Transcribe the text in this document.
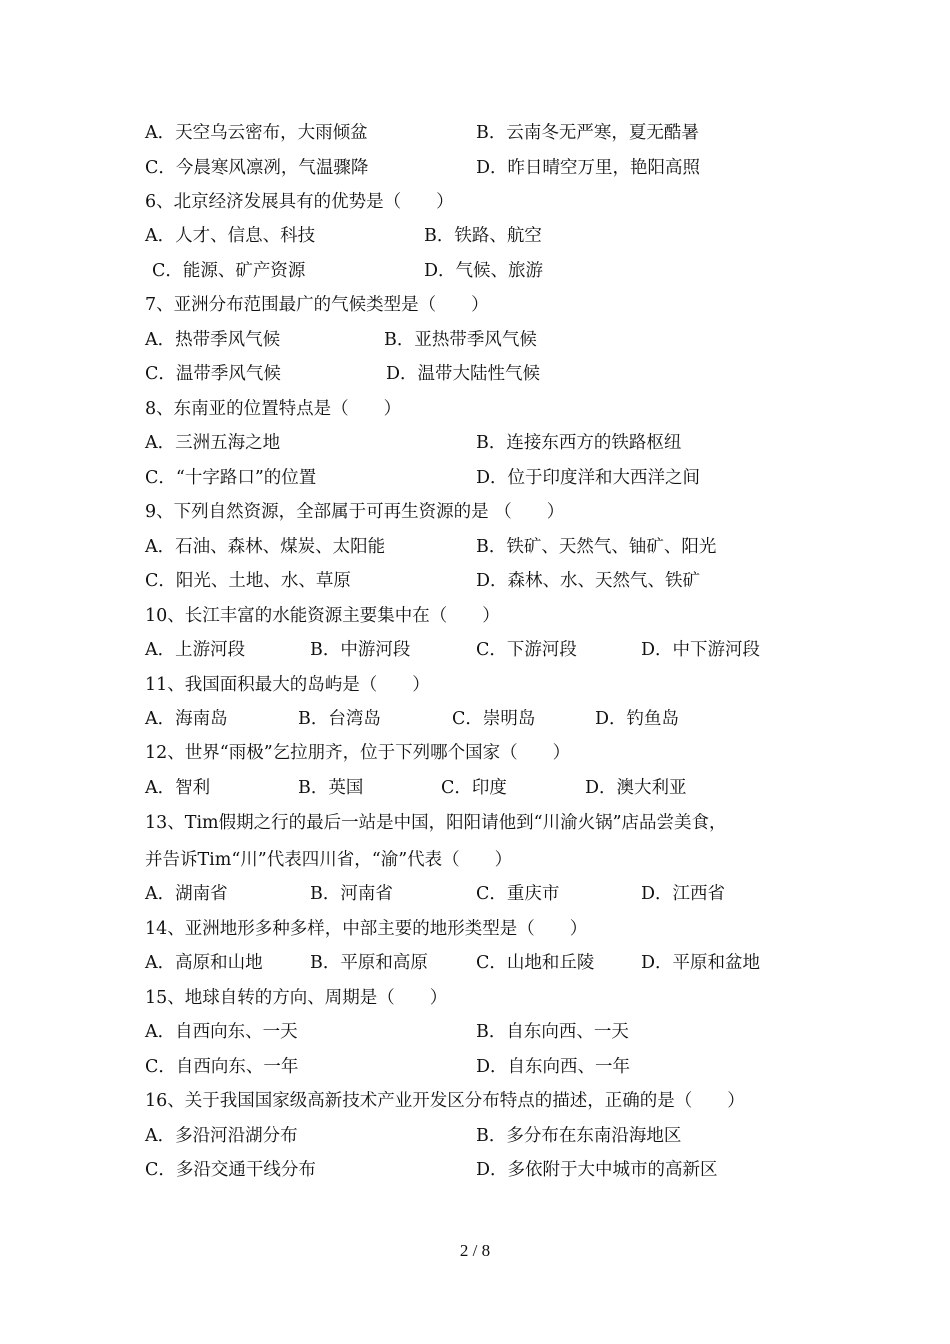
A．天空乌云密布，大雨倾盆	B．云南冬无严寒，夏无酷暑
C．今晨寒风凛冽，气温骤降	D．昨日晴空万里，艳阳高照
6、北京经济发展具有的优势是（　　）
A．人才、信息、科技	B．铁路、航空
C．能源、矿产资源	D．气候、旅游
7、亚洲分布范围最广的气候类型是（　　）
A．热带季风气候	B．亚热带季风气候
C．温带季风气候	D．温带大陆性气候
8、东南亚的位置特点是（　　）
A．三洲五海之地	B．连接东西方的铁路枢纽
C．“十字路口”的位置	D．位于印度洋和大西洋之间
9、下列自然资源，全部属于可再生资源的是 （　　）
A．石油、森林、煤炭、太阳能	B．铁矿、天然气、铀矿、阳光
C．阳光、土地、水、草原	D．森林、水、天然气、铁矿
10、长江丰富的水能资源主要集中在（　　）
A．上游河段	B．中游河段	C．下游河段	D．中下游河段
11、我国面积最大的岛屿是（　　）
A．海南岛	B．台湾岛	C．崇明岛	D．钓鱼岛
12、世界“雨极”乞拉朋齐，位于下列哪个国家（　　）
A．智利	B．英国	C．印度	D．澳大利亚
13、Tim假期之行的最后一站是中国，阳阳请他到“川渝火锅”店品尝美食，
并告诉Tim“川”代表四川省，“渝”代表（　　）
A．湖南省	B．河南省	C．重庆市	D．江西省
14、亚洲地形多种多样，中部主要的地形类型是（　　）
A．高原和山地	B．平原和高原	C．山地和丘陵	D．平原和盆地
15、地球自转的方向、周期是（　　）
A．自西向东、一天	B．自东向西、一天
C．自西向东、一年	D．自东向西、一年
16、关于我国国家级高新技术产业开发区分布特点的描述，正确的是（　　）
A．多沿河沿湖分布	B．多分布在东南沿海地区
C．多沿交通干线分布	D．多依附于大中城市的高新区
2 / 8
